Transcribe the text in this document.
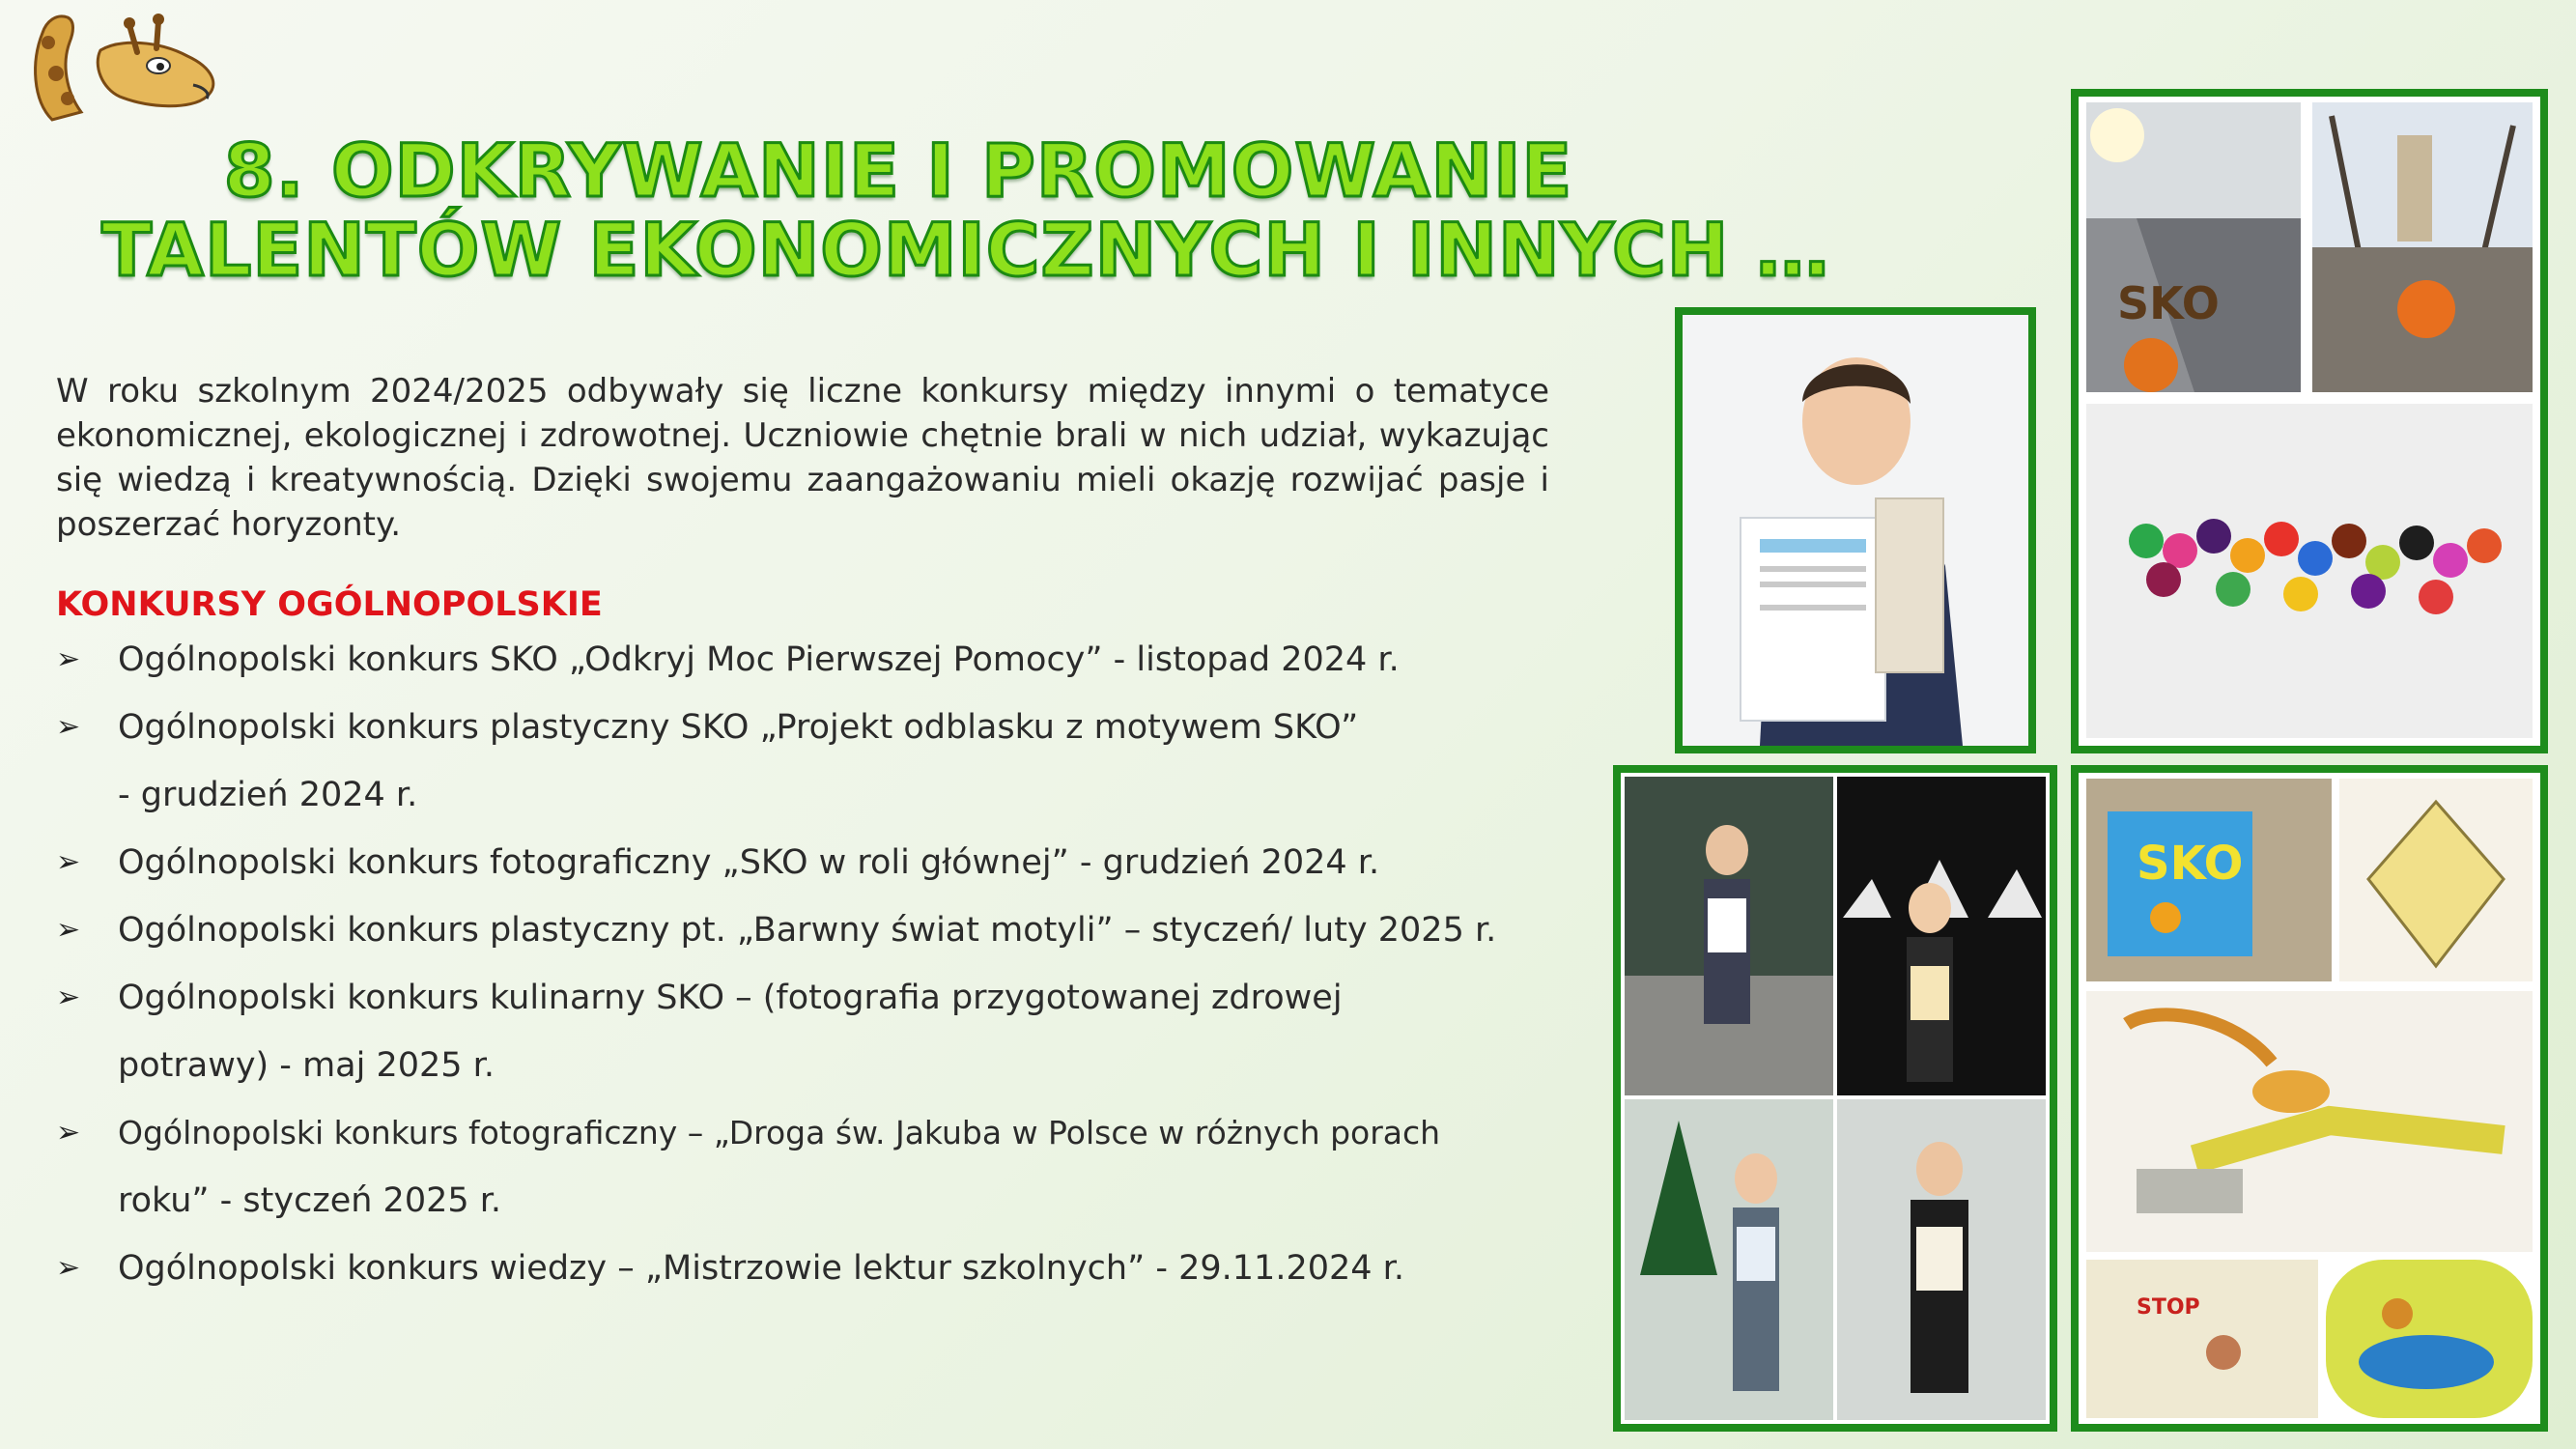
8. ODKRYWANIE I PROMOWANIE
TALENTÓW EKONOMICZNYCH I INNYCH …
W roku szkolnym 2024/2025 odbywały się liczne konkursy między innymi o tematyce ekonomicznej, ekologicznej i zdrowotnej. Uczniowie chętnie brali w nich udział, wykazując się wiedzą i kreatywnością. Dzięki swojemu zaangażowaniu mieli okazję rozwijać pasje i poszerzać horyzonty.
KONKURSY OGÓLNOPOLSKIE
➢ Ogólnopolski konkurs SKO „Odkryj Moc Pierwszej Pomocy” - listopad 2024 r.
➢ Ogólnopolski konkurs plastyczny SKO „Projekt odblasku z motywem SKO”
- grudzień 2024 r.
➢ Ogólnopolski konkurs fotograficzny „SKO w roli głównej” - grudzień 2024 r.
➢ Ogólnopolski konkurs plastyczny pt. „Barwny świat motyli” – styczeń/ luty 2025 r.
➢ Ogólnopolski konkurs kulinarny SKO – (fotografia przygotowanej zdrowej
potrawy) - maj 2025 r.
➢ Ogólnopolski konkurs fotograficzny – „Droga św. Jakuba w Polsce w różnych porach
roku” - styczeń 2025 r.
➢ Ogólnopolski konkurs wiedzy – „Mistrzowie lektur szkolnych” - 29.11.2024 r.
SKO
SKO
STOP
